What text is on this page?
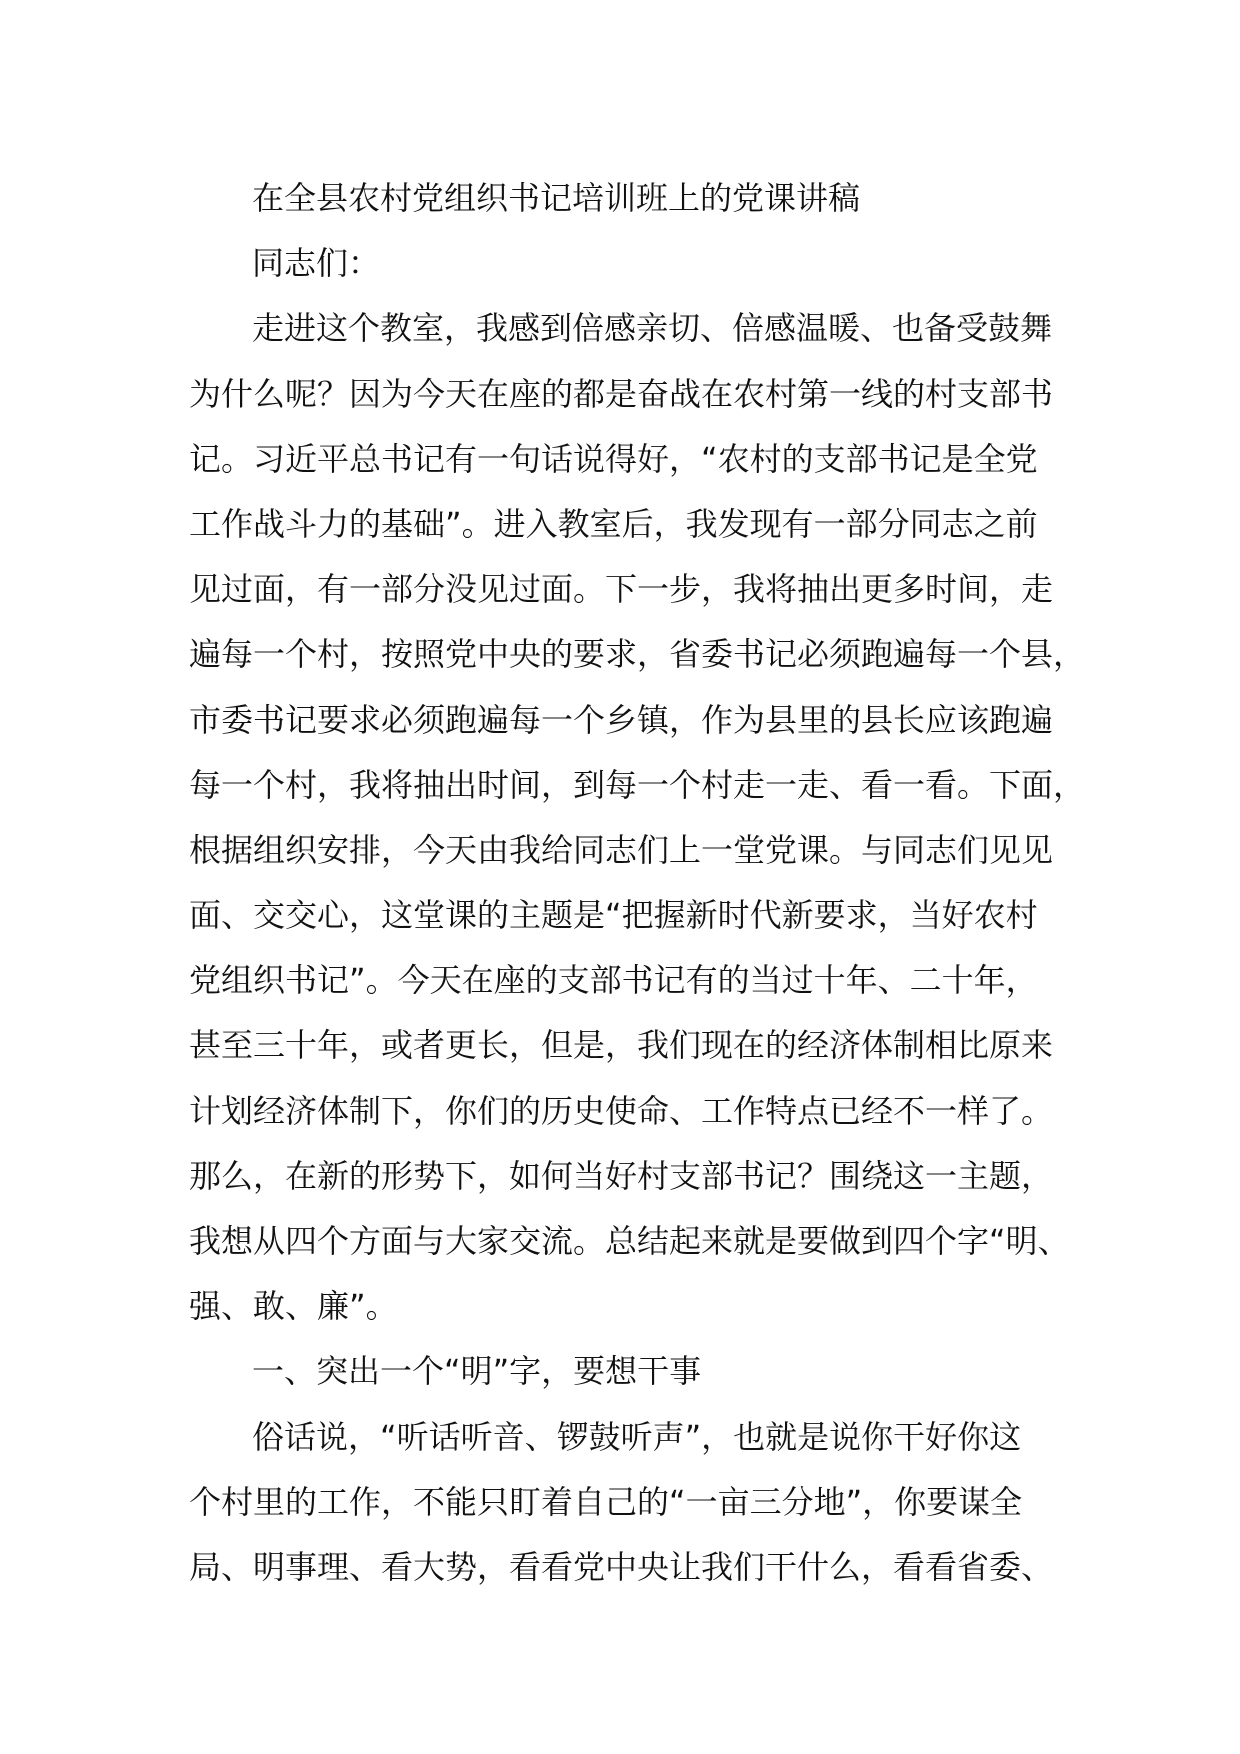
在全县农村党组织书记培训班上的党课讲稿
同志们：
走进这个教室，我感到倍感亲切、倍感温暖、也备受鼓舞
为什么呢？因为今天在座的都是奋战在农村第一线的村支部书
记。习近平总书记有一句话说得好，“农村的支部书记是全党
工作战斗力的基础”。进入教室后，我发现有一部分同志之前
见过面，有一部分没见过面。下一步，我将抽出更多时间，走
遍每一个村，按照党中央的要求，省委书记必须跑遍每一个县，
市委书记要求必须跑遍每一个乡镇，作为县里的县长应该跑遍
每一个村，我将抽出时间，到每一个村走一走、看一看。下面，
根据组织安排，今天由我给同志们上一堂党课。与同志们见见
面、交交心，这堂课的主题是“把握新时代新要求，当好农村
党组织书记”。今天在座的支部书记有的当过十年、二十年，
甚至三十年，或者更长，但是，我们现在的经济体制相比原来
计划经济体制下，你们的历史使命、工作特点已经不一样了。
那么，在新的形势下，如何当好村支部书记？围绕这一主题，
我想从四个方面与大家交流。总结起来就是要做到四个字“明、
强、敢、廉”。
一、突出一个“明”字，要想干事
俗话说，“听话听音、锣鼓听声”，也就是说你干好你这
个村里的工作，不能只盯着自己的“一亩三分地”，你要谋全
局、明事理、看大势，看看党中央让我们干什么，看看省委、
